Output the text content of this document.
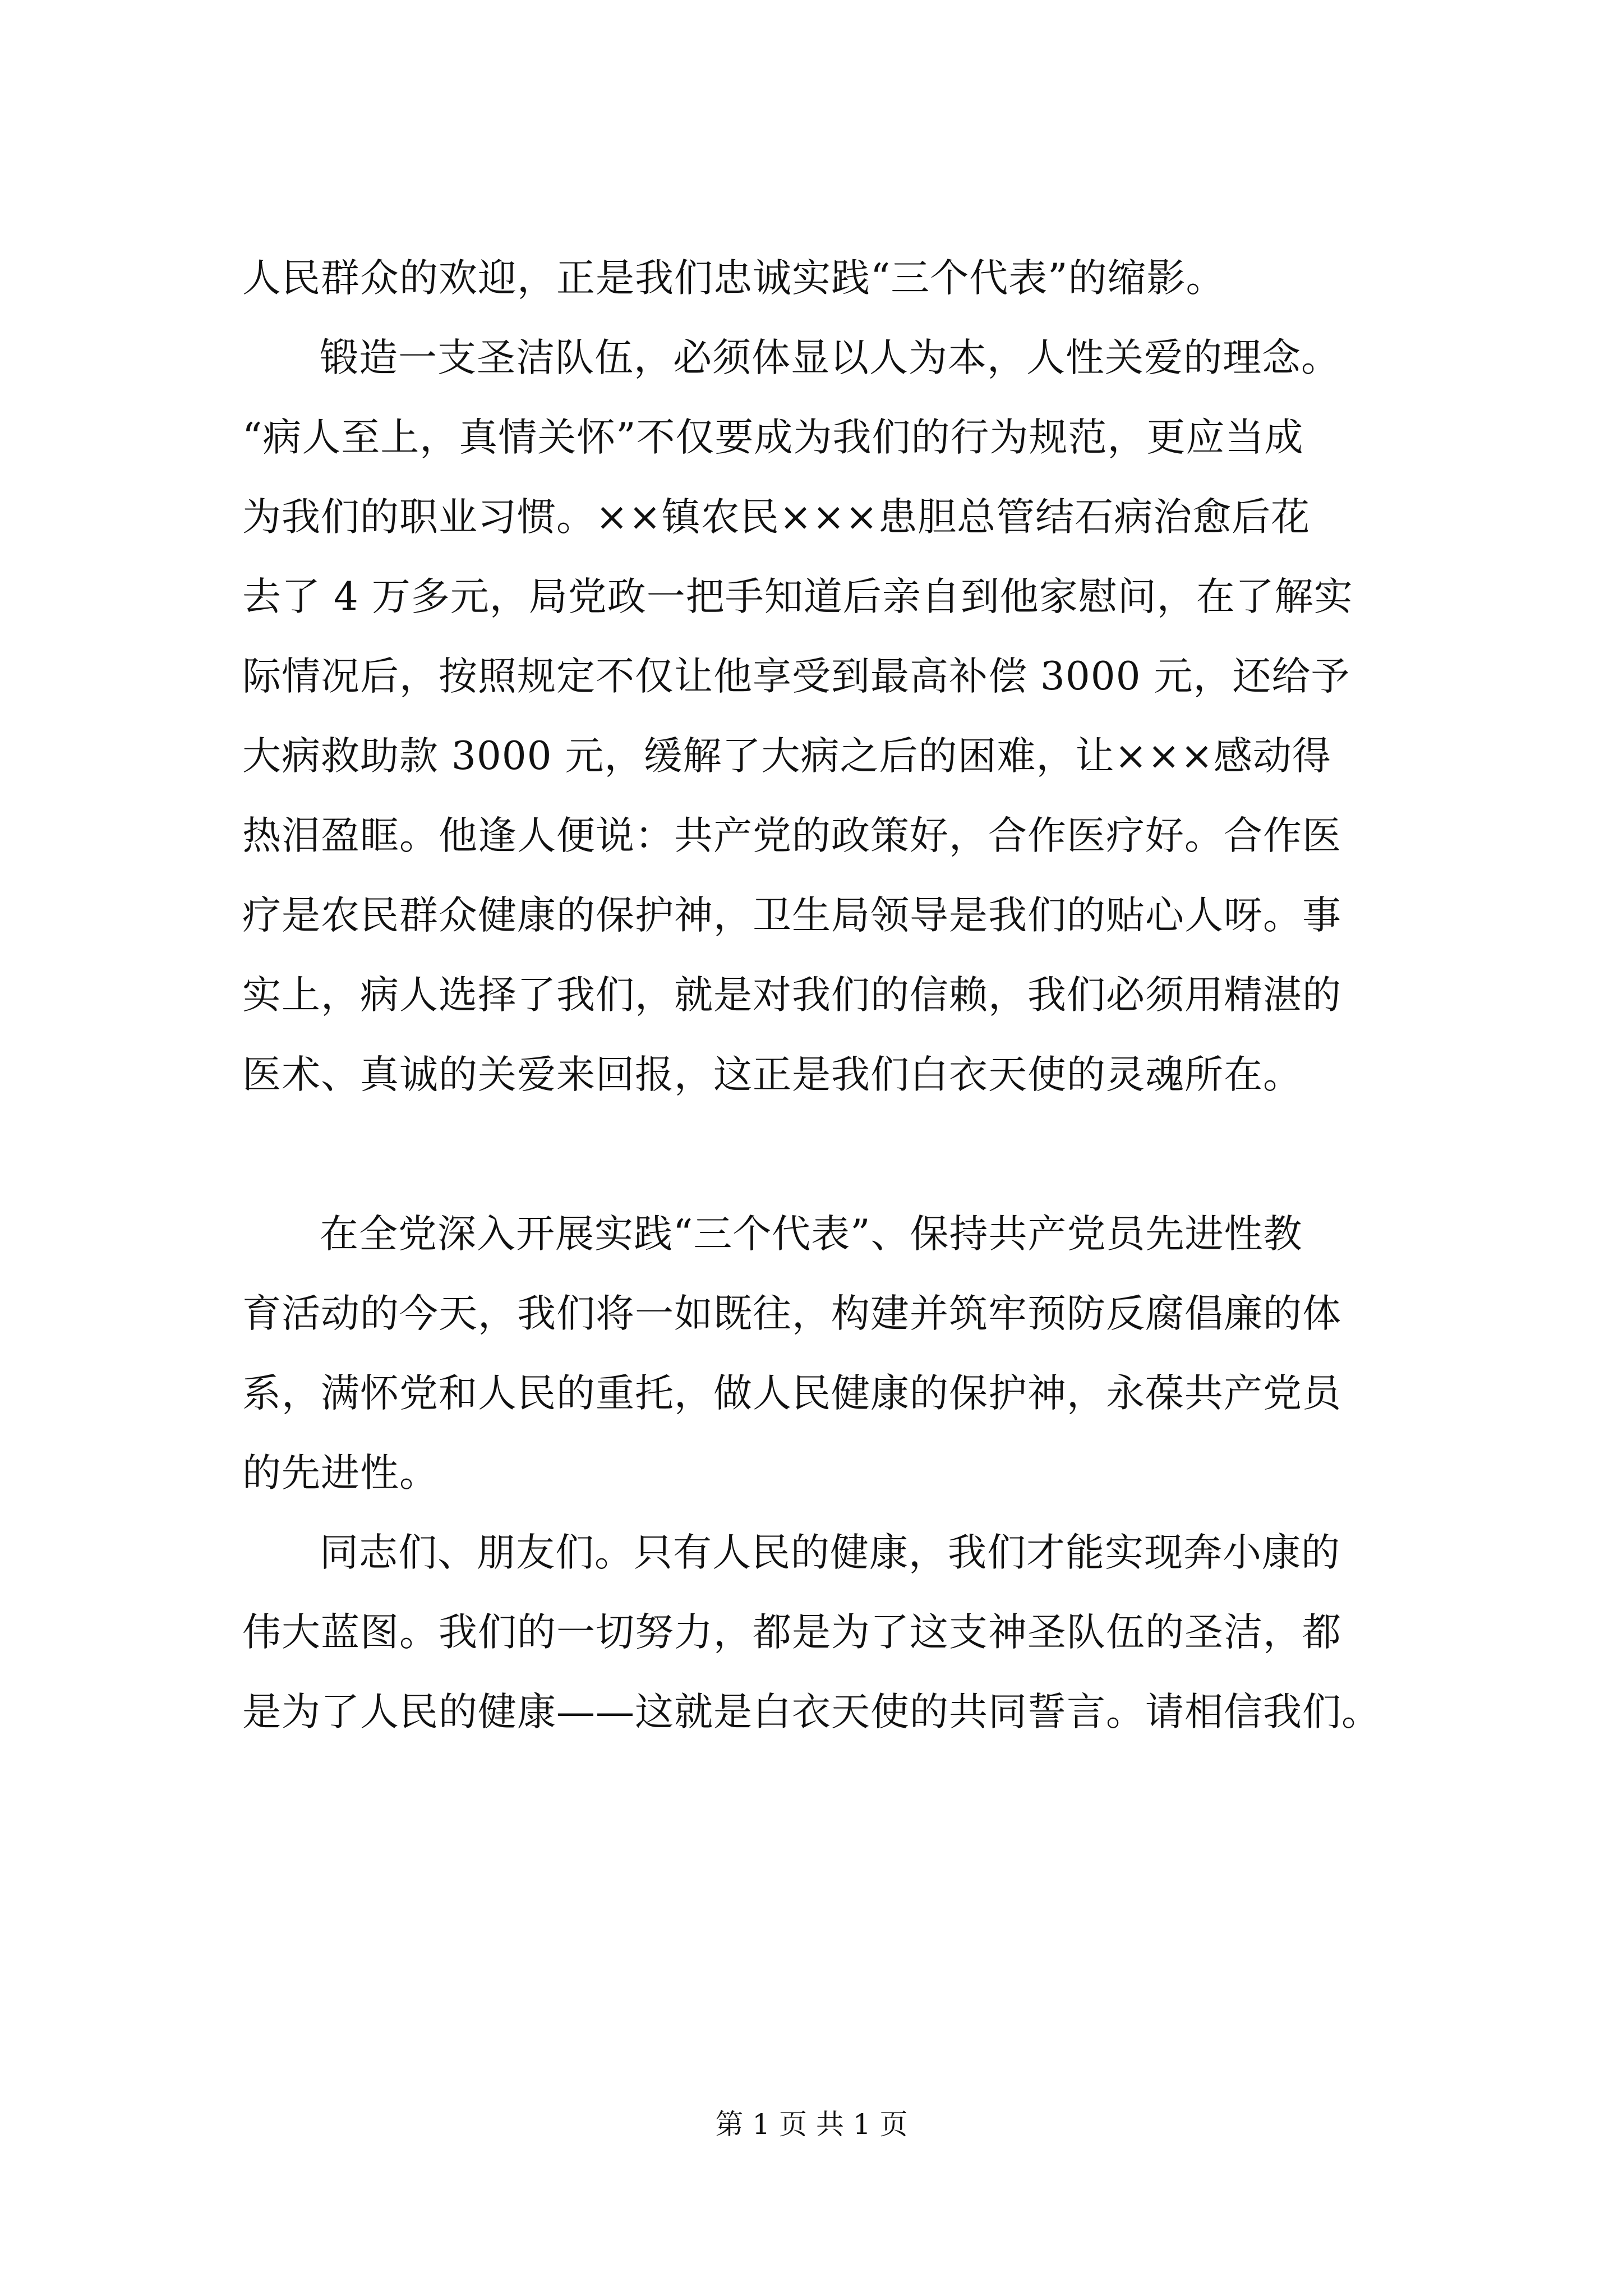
人民群众的欢迎，正是我们忠诚实践“三个代表”的缩影。
锻造一支圣洁队伍，必须体显以人为本，人性关爱的理念。
“病人至上，真情关怀”不仅要成为我们的行为规范，更应当成
为我们的职业习惯。××镇农民×××患胆总管结石病治愈后花
去了 4 万多元，局党政一把手知道后亲自到他家慰问，在了解实
际情况后，按照规定不仅让他享受到最高补偿 3000 元，还给予
大病救助款 3000 元，缓解了大病之后的困难，让×××感动得
热泪盈眶。他逢人便说：共产党的政策好，合作医疗好。合作医
疗是农民群众健康的保护神，卫生局领导是我们的贴心人呀。事
实上，病人选择了我们，就是对我们的信赖，我们必须用精湛的
医术、真诚的关爱来回报，这正是我们白衣天使的灵魂所在。
在全党深入开展实践“三个代表”、保持共产党员先进性教
育活动的今天，我们将一如既往，构建并筑牢预防反腐倡廉的体
系，满怀党和人民的重托，做人民健康的保护神，永葆共产党员
的先进性。
同志们、朋友们。只有人民的健康，我们才能实现奔小康的
伟大蓝图。我们的一切努力，都是为了这支神圣队伍的圣洁，都
是为了人民的健康——这就是白衣天使的共同誓言。请相信我们。
第 1 页 共 1 页
